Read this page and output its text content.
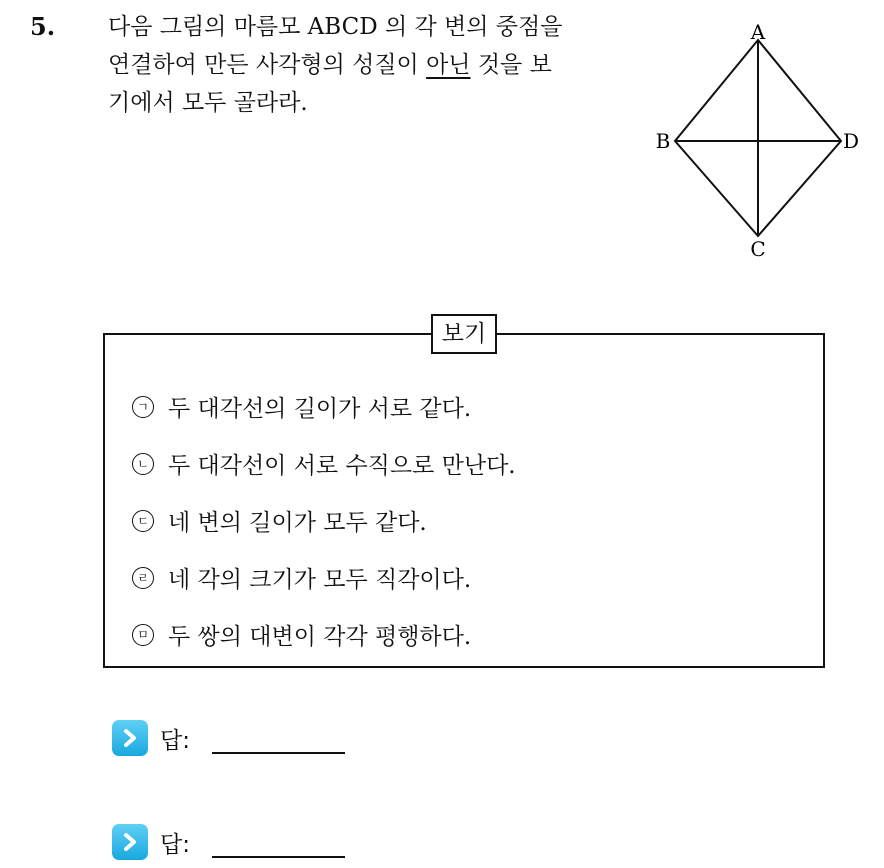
5. 다음 그림의 마름모 ABCD 의 각 변의 중점을
연결하여 만든 사각형의 성질이 아닌 것을 보
기에서 모두 골라라.
A
B
C
D
보기
ㄱ 두 대각선의 길이가 서로 같다.
ㄴ 두 대각선이 서로 수직으로 만난다.
ㄷ 네 변의 길이가 모두 같다.
ㄹ 네 각의 크기가 모두 직각이다.
ㅁ 두 쌍의 대변이 각각 평행하다.
답:
답:
